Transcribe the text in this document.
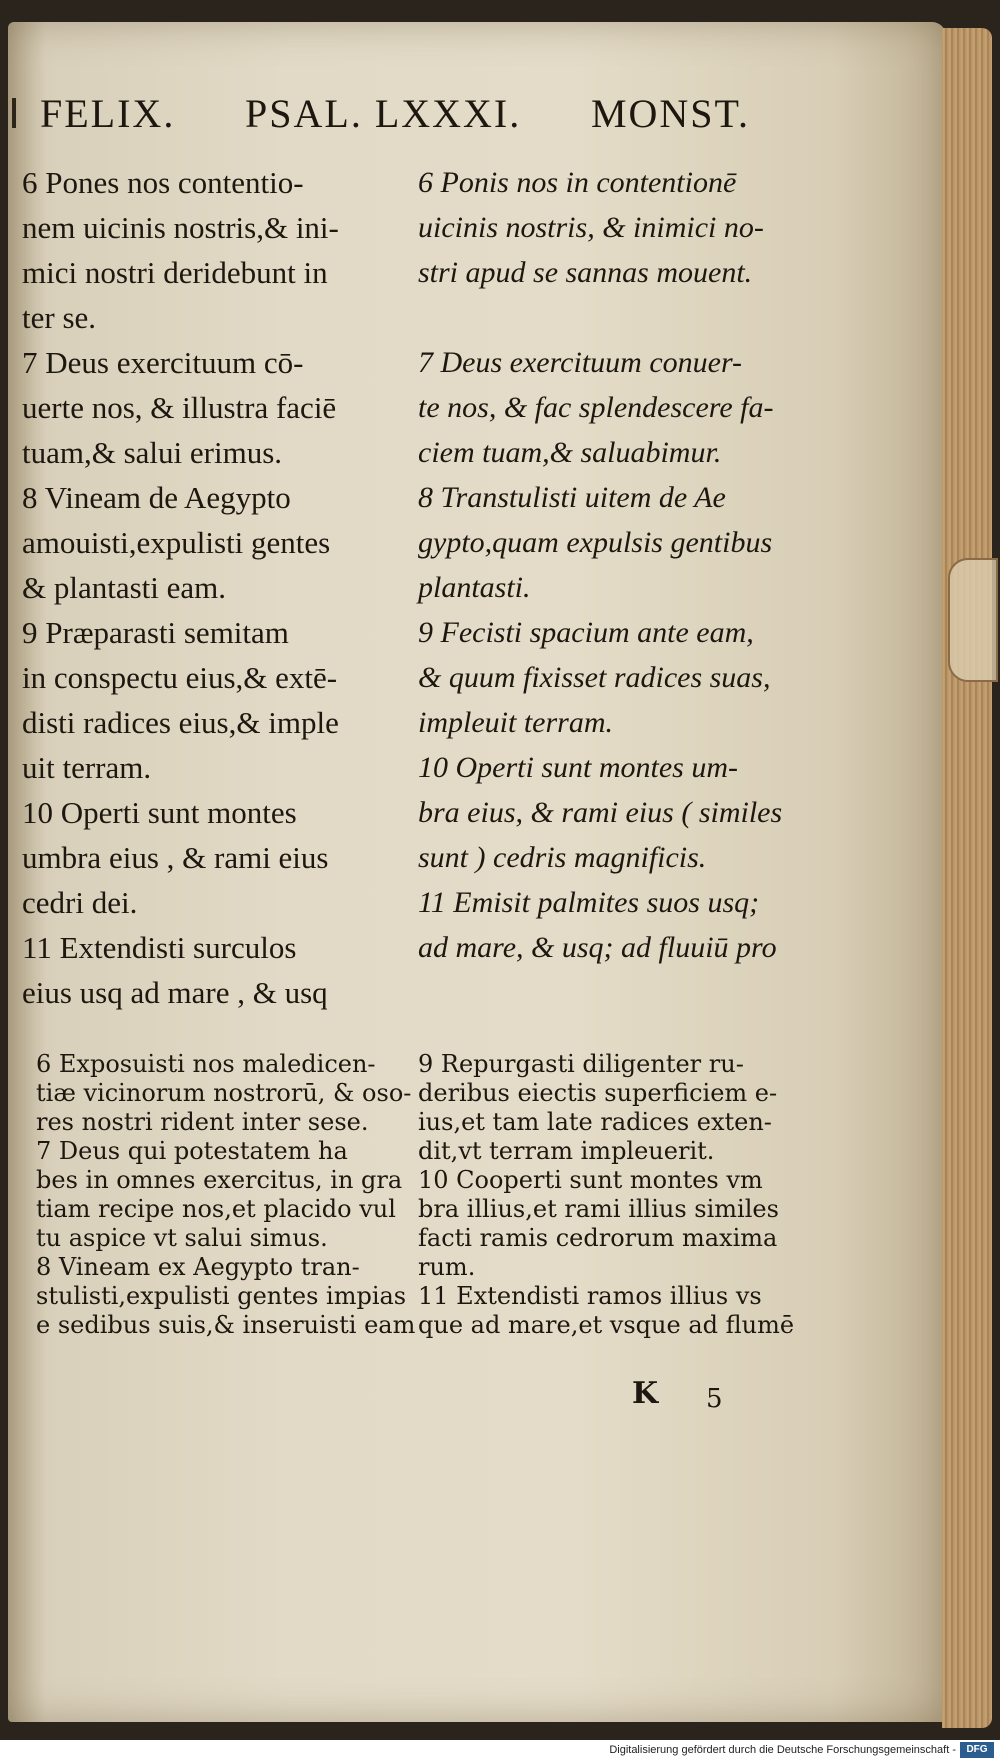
FELIX. PSAL. LXXXI. MONST.
6 Pones nos contentio-
nem uicinis nostris,& ini-
mici nostri deridebunt in
ter se.
7 Deus exercituum cō-
uerte nos, & illustra faciē
tuam,& salui erimus.
8 Vineam de Aegypto
amouisti,expulisti gentes
& plantasti eam.
9 Præparasti semitam
in conspectu eius,& extē-
disti radices eius,& imple
uit terram.
10 Operti sunt montes
umbra eius , & rami eius
cedri dei.
11 Extendisti surculos
eius usq ad mare , & usq
6 Ponis nos in contentionē
uicinis nostris, & inimici no-
stri apud se sannas mouent.
7 Deus exercituum conuer-
te nos, & fac splendescere fa-
ciem tuam,& saluabimur.
8 Transtulisti uitem de Ae
gypto,quam expulsis gentibus
plantasti.
9 Fecisti spacium ante eam,
& quum fixisset radices suas,
impleuit terram.
10 Operti sunt montes um-
bra eius, & rami eius ( similes
sunt ) cedris magnificis.
11 Emisit palmites suos usq;
ad mare, & usq; ad fluuiū pro
6 Exposuisti nos maledicen-
tiæ vicinorum nostrorū, & oso-
res nostri rident inter sese.
7 Deus qui potestatem ha
bes in omnes exercitus, in gra
tiam recipe nos,et placido vul
tu aspice vt salui simus.
8 Vineam ex Aegypto tran-
stulisti,expulisti gentes impias
e sedibus suis,& inseruisti eam
9 Repurgasti diligenter ru-
deribus eiectis superficiem e-
ius,et tam late radices exten-
dit,vt terram impleuerit.
10 Cooperti sunt montes vm
bra illius,et rami illius similes
facti ramis cedrorum maxima
rum.
11 Extendisti ramos illius vs
que ad mare,et vsque ad flumē
K 5
Digitalisierung gefördert durch die Deutsche Forschungsgemeinschaft -	DFG
